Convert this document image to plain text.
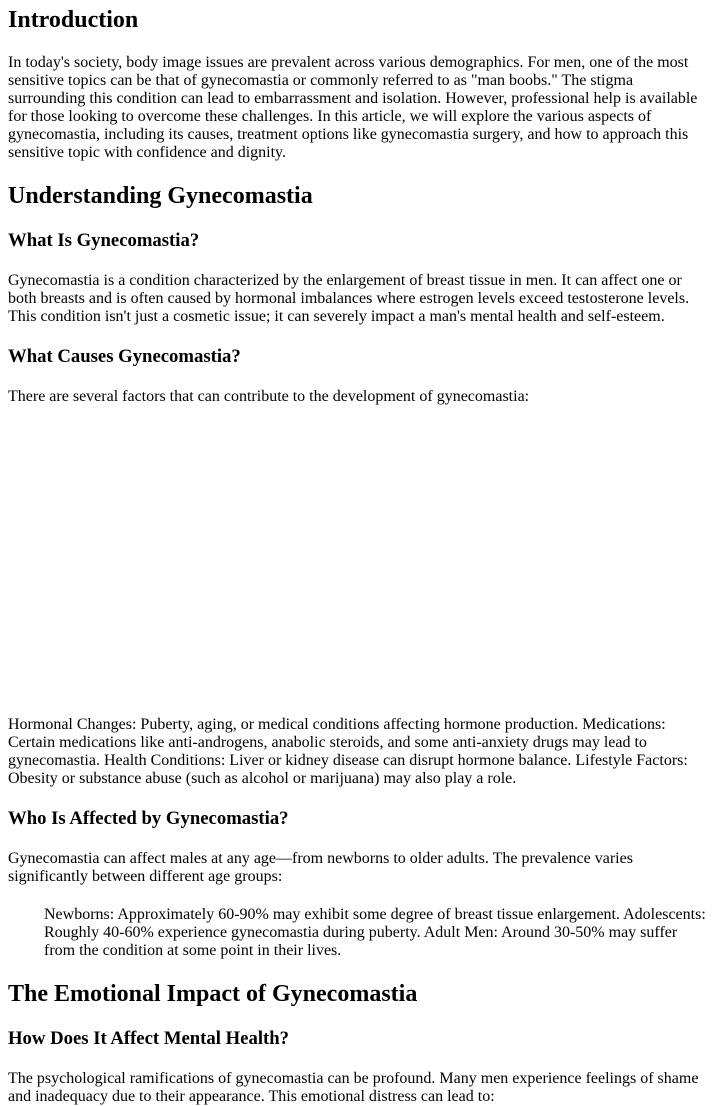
Introduction

In today's society, body image issues are prevalent across various demographics. For men, one of the most sensitive topics can be that of gynecomastia or commonly referred to as "man boobs." The stigma surrounding this condition can lead to embarrassment and isolation. However, professional help is available for those looking to overcome these challenges. In this article, we will explore the various aspects of gynecomastia, including its causes, treatment options like gynecomastia surgery, and how to approach this sensitive topic with confidence and dignity.

Understanding Gynecomastia
What Is Gynecomastia?

Gynecomastia is a condition characterized by the enlargement of breast tissue in men. It can affect one or both breasts and is often caused by hormonal imbalances where estrogen levels exceed testosterone levels. This condition isn't just a cosmetic issue; it can severely impact a man's mental health and self-esteem.

What Causes Gynecomastia?

There are several factors that can contribute to the development of gynecomastia:

Hormonal Changes: Puberty, aging, or medical conditions affecting hormone production. Medications: Certain medications like anti-androgens, anabolic steroids, and some anti-anxiety drugs may lead to gynecomastia. Health Conditions: Liver or kidney disease can disrupt hormone balance. Lifestyle Factors: Obesity or substance abuse (such as alcohol or marijuana) may also play a role.

Who Is Affected by Gynecomastia?

Gynecomastia can affect males at any age—from newborns to older adults. The prevalence varies significantly between different age groups:

Newborns: Approximately 60-90% may exhibit some degree of breast tissue enlargement. Adolescents: Roughly 40-60% experience gynecomastia during puberty. Adult Men: Around 30-50% may suffer from the condition at some point in their lives.
The Emotional Impact of Gynecomastia
How Does It Affect Mental Health?

The psychological ramifications of gynecomastia can be profound. Many men experience feelings of shame and inadequacy due to their appearance. This emotional distress can lead to:
